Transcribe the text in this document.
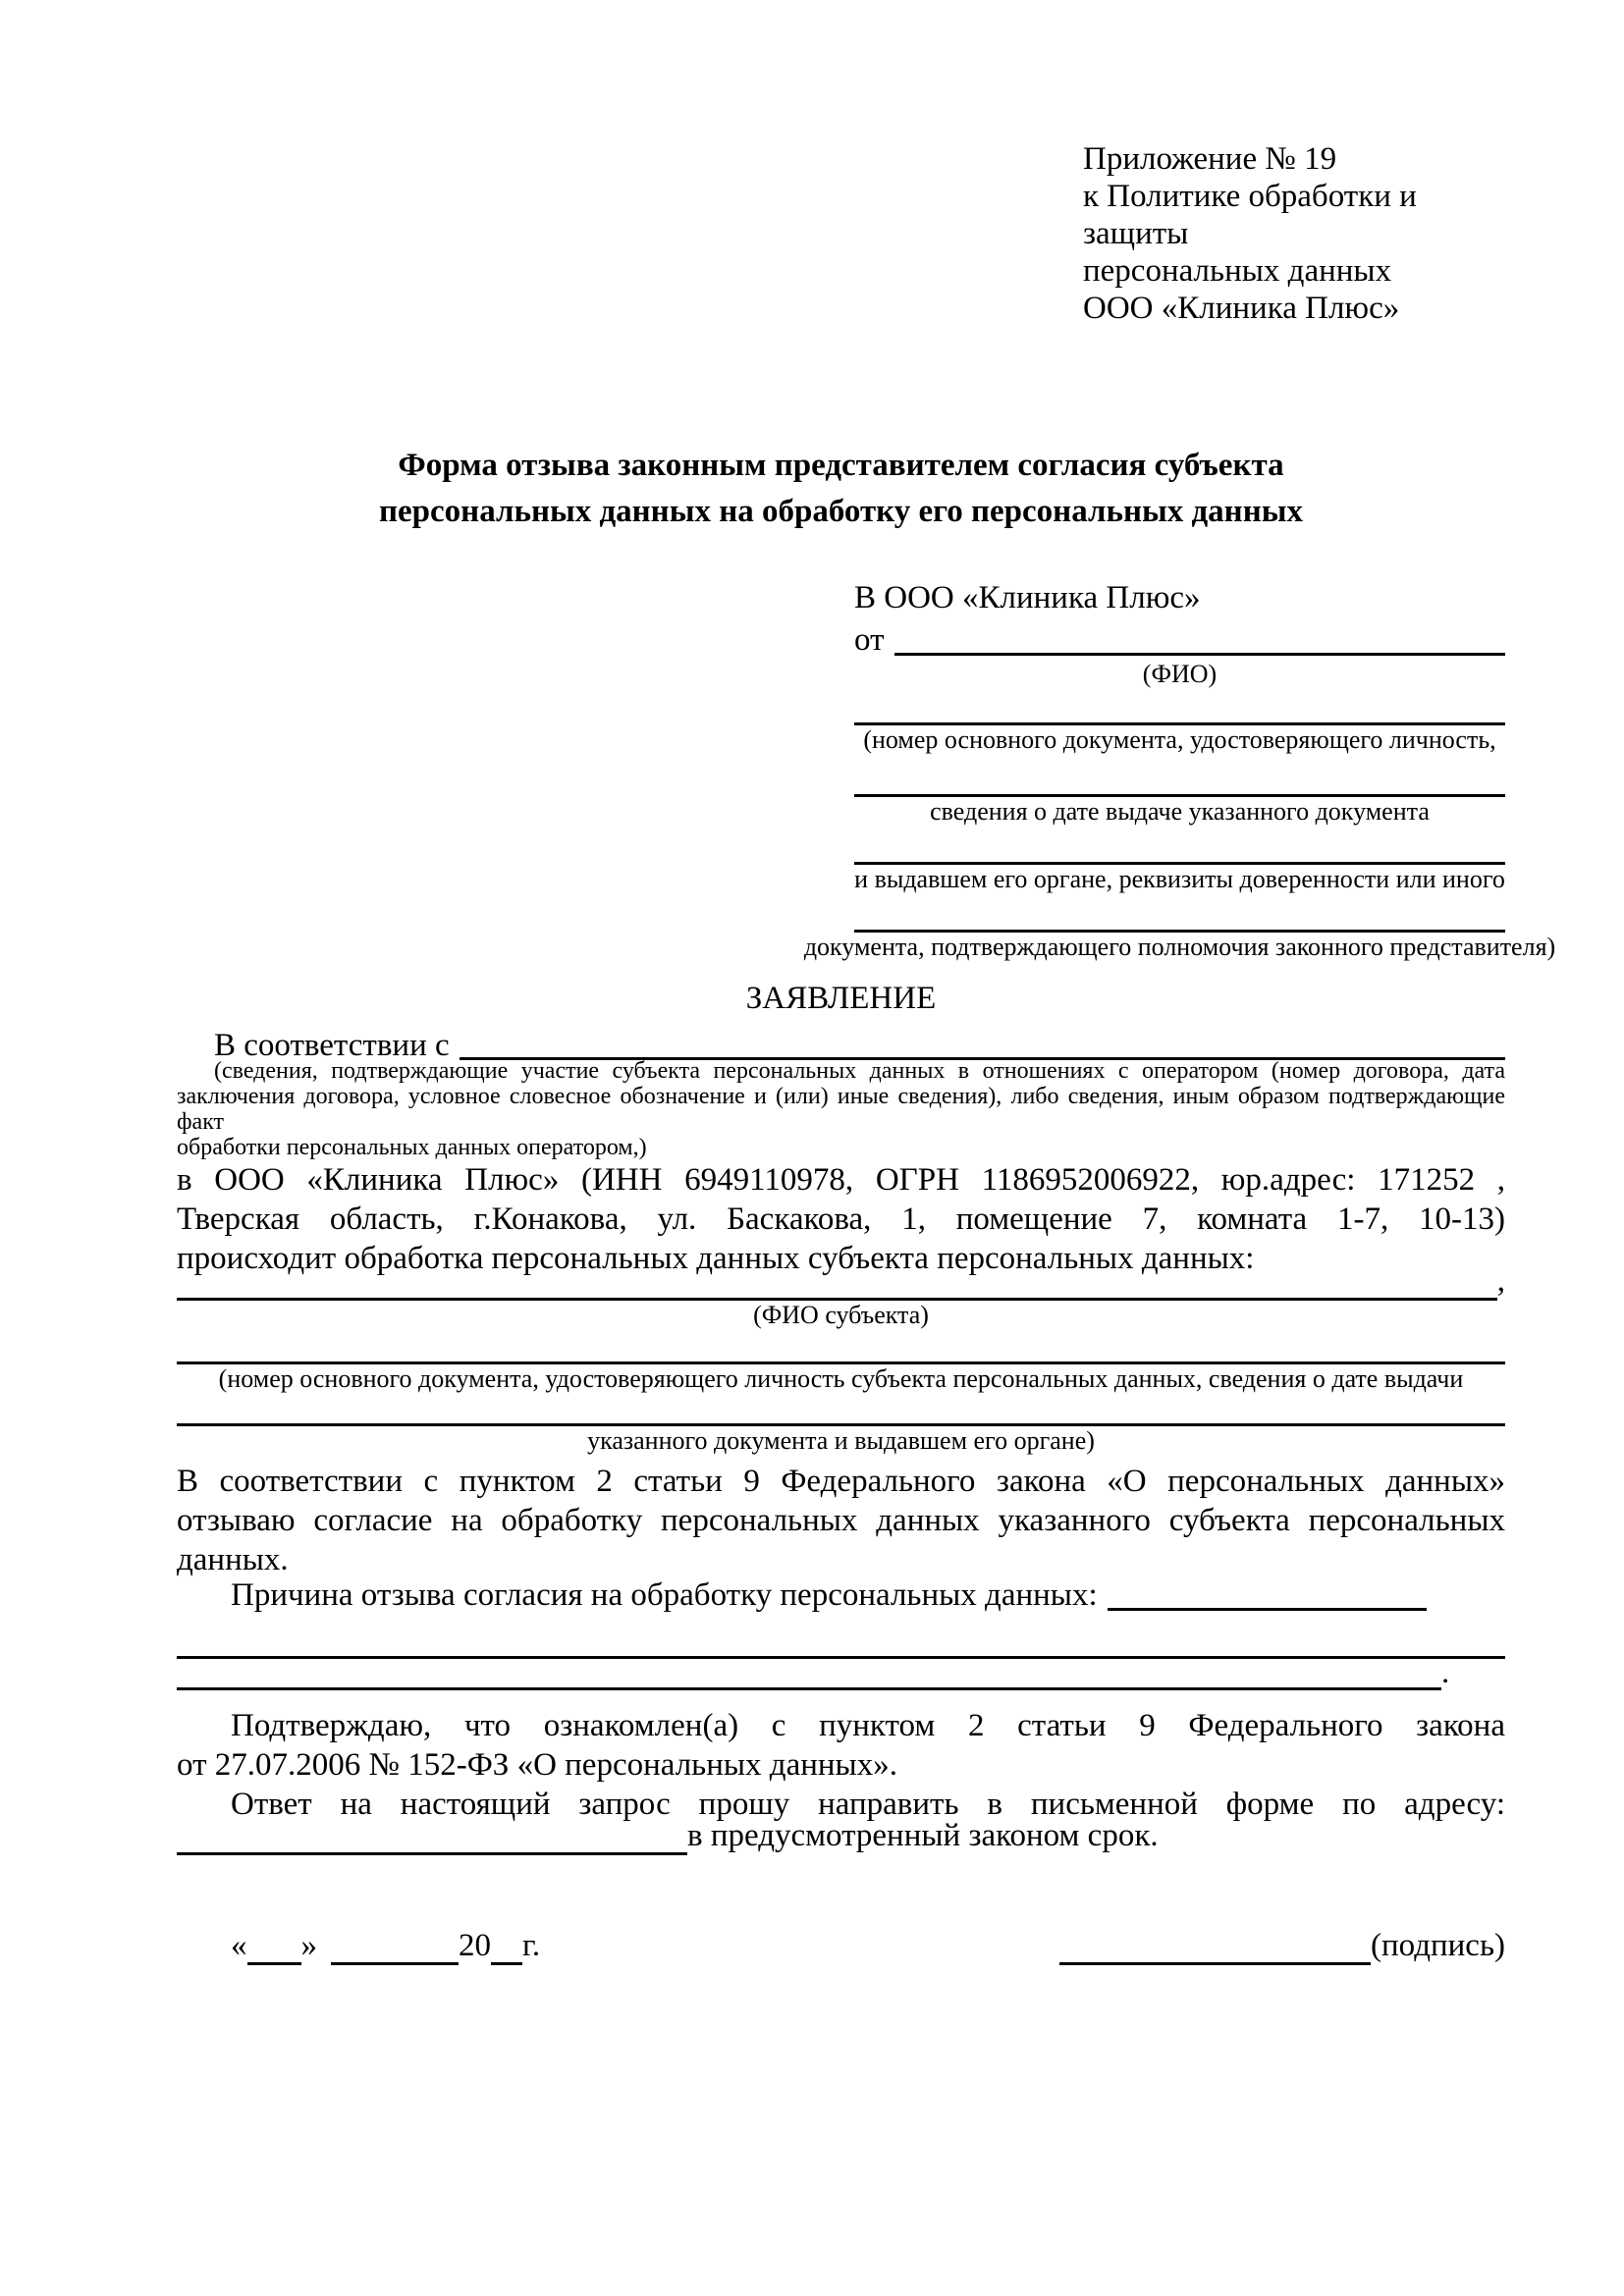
Приложение № 19
к Политике обработки и защиты
персональных данных
ООО «Клиника Плюс»
Форма отзыва законным представителем согласия субъекта
персональных данных на обработку его персональных данных
В ООО «Клиника Плюс»
от
(ФИО)
(номер основного документа, удостоверяющего личность,
сведения о дате выдаче указанного документа
и выдавшем его органе, реквизиты доверенности или иного
документа, подтверждающего полномочия законного представителя)
ЗАЯВЛЕНИЕ
В соответствии с
(сведения, подтверждающие участие субъекта персональных данных в отношениях с оператором (номер договора, дата
заключения договора, условное словесное обозначение и (или) иные сведения), либо сведения, иным образом подтверждающие факт
обработки персональных данных оператором,)
в ООО «Клиника Плюс» (ИНН 6949110978, ОГРН 1186952006922, юр.адрес: 171252 ,
Тверская область, г.Конакова, ул. Баскакова, 1, помещение 7, комната 1-7, 10-13)
происходит обработка персональных данных субъекта персональных данных:
,
(ФИО субъекта)
(номер основного документа, удостоверяющего личность субъекта персональных данных, сведения о дате выдачи
указанного документа и выдавшем его органе)
В соответствии с пунктом 2 статьи 9 Федерального закона «О персональных данных»
отзываю согласие на обработку персональных данных указанного субъекта персональных
данных.
Причина отзыва согласия на обработку персональных данных:
.
Подтверждаю, что ознакомлен(а) с пунктом 2 статьи 9 Федерального закона
от 27.07.2006 № 152-ФЗ «О персональных данных».
Ответ на настоящий запрос прошу направить в письменной форме по адресу:
в предусмотренный законом срок.
« »	20 г.	(подпись)
